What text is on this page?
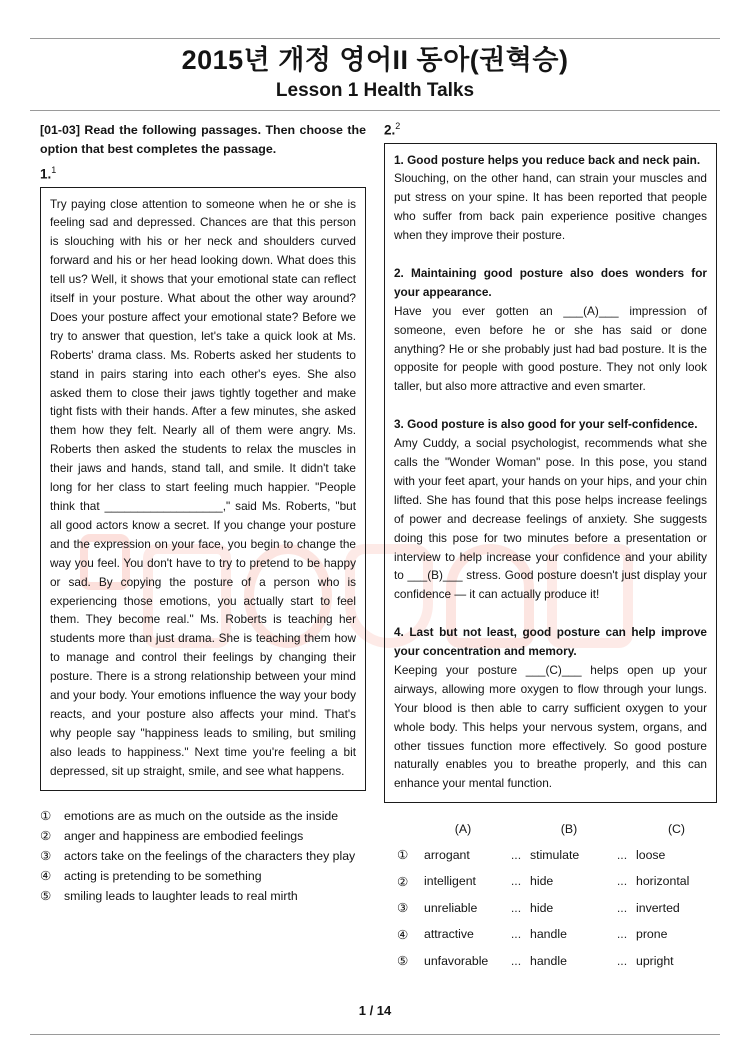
2015년 개정 영어II 동아(권혁승)
Lesson 1 Health Talks

[01-03] Read the following passages. Then choose the option that best completes the passage.

1.$^1$

Try paying close attention to someone when he or she is feeling sad and depressed. Chances are that this person is slouching with his or her neck and shoulders curved forward and his or her head looking down. What does this tell us? Well, it shows that your emotional state can reflect itself in your posture. What about the other way around? Does your posture affect your emotional state? Before we try to answer that question, let's take a quick look at Ms. Roberts' drama class. Ms. Roberts asked her students to stand in pairs staring into each other's eyes. She also asked them to close their jaws tightly together and make tight fists with their hands. After a few minutes, she asked them how they felt. Nearly all of them were angry. Ms. Roberts then asked the students to relax the muscles in their jaws and hands, stand tall, and smile. It didn't take long for her class to start feeling much happier. "People think that __________________," said Ms. Roberts, "but all good actors know a secret. If you change your posture and the expression on your face, you begin to change the way you feel. You don't have to try to pretend to be happy or sad. By copying the posture of a person who is experiencing those emotions, you actually start to feel them. They become real." Ms. Roberts is teaching her students more than just drama. She is teaching them how to manage and control their feelings by changing their posture. There is a strong relationship between your mind and your body. Your emotions influence the way your body reacts, and your posture also affects your mind. That's why people say "happiness leads to smiling, but smiling also leads to happiness." Next time you're feeling a bit depressed, sit up straight, smile, and see what happens.

①	emotions are as much on the outside as the inside
②	anger and happiness are embodied feelings
③	actors take on the feelings of the characters they play
④	acting is pretending to be something
⑤	smiling leads to laughter leads to real mirth
2.$^2$
1. Good posture helps you reduce back and neck pain.
Slouching, on the other hand, can strain your muscles and put stress on your spine. It has been reported that people who suffer from back pain experience positive changes when they improve their posture.
2. Maintaining good posture also does wonders for your appearance.
Have you ever gotten an ___(A)___ impression of someone, even before he or she has said or done anything? He or she probably just had bad posture. It is the opposite for people with good posture. They not only look taller, but also more attractive and even smarter.
3. Good posture is also good for your self-confidence.
Amy Cuddy, a social psychologist, recommends what she calls the "Wonder Woman" pose. In this pose, you stand with your feet apart, your hands on your hips, and your chin lifted. She has found that this pose helps increase feelings of power and decrease feelings of anxiety. She suggests doing this pose for two minutes before a presentation or interview to help increase your confidence and your ability to ___(B)___ stress. Good posture doesn't just display your confidence — it can actually produce it!
4. Last but not least, good posture can help improve your concentration and memory.
Keeping your posture ___(C)___ helps open up your airways, allowing more oxygen to flow through your lungs. Your blood is then able to carry sufficient oxygen to your whole body. This helps your nervous system, organs, and other tissues function more effectively. So good posture naturally enables you to breathe properly, and this can enhance your mental function.
(A)	(B)	(C)
①	arrogant	... stimulate	... loose
②	intelligent	... hide	... horizontal
③	unreliable	... hide	... inverted
④	attractive	... handle	... prone
⑤	unfavorable	... handle	... upright
1 / 14
